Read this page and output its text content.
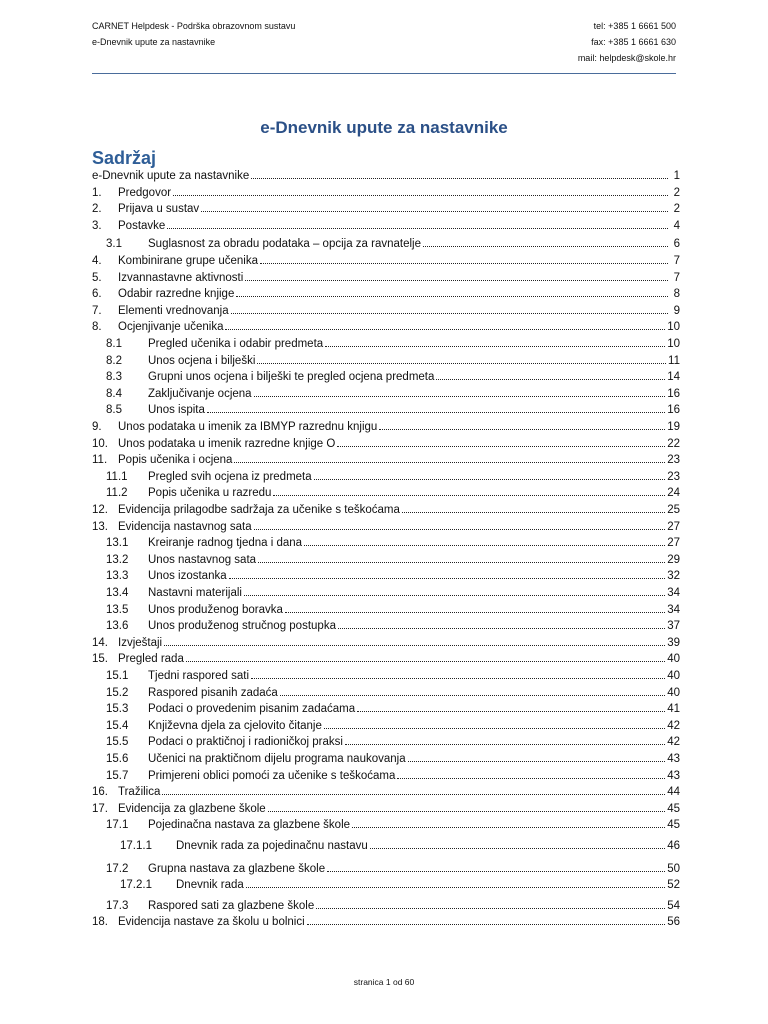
CARNET Helpdesk - Podrška obrazovnom sustavu
e-Dnevnik upute za nastavnike
tel: +385 1 6661 500
fax: +385 1 6661 630
mail: helpdesk@skole.hr
e-Dnevnik upute za nastavnike
Sadržaj
e-Dnevnik upute za nastavnike	1
1.	Predgovor	2
2.	Prijava u sustav	2
3.	Postavke	4
3.1	Suglasnost za obradu podataka – opcija za ravnatelje	6
4.	Kombinirane grupe učenika	7
5.	Izvannastavne aktivnosti	7
6.	Odabir razredne knjige	8
7.	Elementi vrednovanja	9
8.	Ocjenjivanje učenika	10
8.1	Pregled učenika i odabir predmeta	10
8.2	Unos ocjena i bilješki	11
8.3	Grupni unos ocjena i bilješki te pregled ocjena predmeta	14
8.4	Zaključivanje ocjena	16
8.5	Unos ispita	16
9.	Unos podataka u imenik za IBMYP razrednu knjigu	19
10. Unos podataka u imenik razredne knjige O	22
11. Popis učenika i ocjena	23
11.1	Pregled svih ocjena iz predmeta	23
11.2	Popis učenika u razredu	24
12. Evidencija prilagodbe sadržaja za učenike s teškoćama	25
13. Evidencija nastavnog sata	27
13.1	Kreiranje radnog tjedna i dana	27
13.2	Unos nastavnog sata	29
13.3	Unos izostanka	32
13.4	Nastavni materijali	34
13.5	Unos produženog boravka	34
13.6	Unos produženog stručnog postupka	37
14. Izvještaji	39
15. Pregled rada	40
15.1	Tjedni raspored sati	40
15.2	Raspored pisanih zadaća	40
15.3	Podaci o provedenim pisanim zadaćama	41
15.4	Književna djela za cjelovito čitanje	42
15.5	Podaci o praktičnoj i radioničkoj praksi	42
15.6	Učenici na praktičnom dijelu programa naukovanja	43
15.7	Primjereni oblici pomoći za učenike s teškoćama	43
16. Tražilica	44
17. Evidencija za glazbene škole	45
17.1	Pojedinačna nastava za glazbene škole	45
17.1.1	Dnevnik rada za pojedinačnu nastavu	46
17.2	Grupna nastava za glazbene škole	50
17.2.1	Dnevnik rada	52
17.3	Raspored sati za glazbene škole	54
18. Evidencija nastave za školu u bolnici	56
stranica 1 od 60
